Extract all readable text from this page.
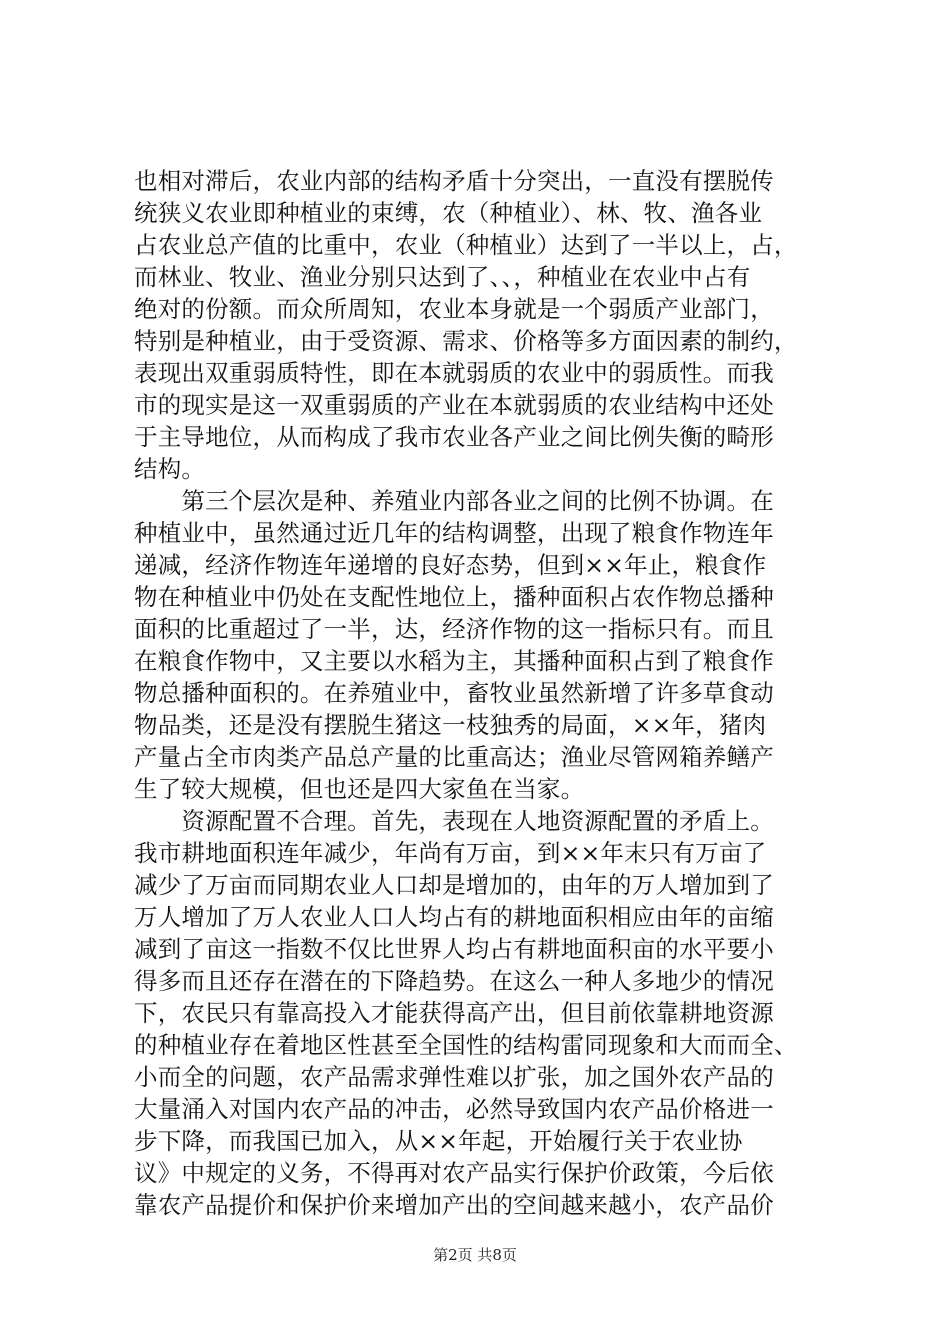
也相对滞后，农业内部的结构矛盾十分突出，一直没有摆脱传
统狭义农业即种植业的束缚，农（种植业）、林、牧、渔各业
占农业总产值的比重中，农业（种植业）达到了一半以上，占，
而林业、牧业、渔业分别只达到了、、，种植业在农业中占有
绝对的份额。而众所周知，农业本身就是一个弱质产业部门，
特别是种植业，由于受资源、需求、价格等多方面因素的制约，
表现出双重弱质特性，即在本就弱质的农业中的弱质性。而我
市的现实是这一双重弱质的产业在本就弱质的农业结构中还处
于主导地位，从而构成了我市农业各产业之间比例失衡的畸形
结构。
　　第三个层次是种、养殖业内部各业之间的比例不协调。在
种植业中，虽然通过近几年的结构调整，出现了粮食作物连年
递减，经济作物连年递增的良好态势，但到××年止，粮食作
物在种植业中仍处在支配性地位上，播种面积占农作物总播种
面积的比重超过了一半，达，经济作物的这一指标只有。而且
在粮食作物中，又主要以水稻为主，其播种面积占到了粮食作
物总播种面积的。在养殖业中，畜牧业虽然新增了许多草食动
物品类，还是没有摆脱生猪这一枝独秀的局面，××年，猪肉
产量占全市肉类产品总产量的比重高达；渔业尽管网箱养鳝产
生了较大规模，但也还是四大家鱼在当家。
　　资源配置不合理。首先，表现在人地资源配置的矛盾上。
我市耕地面积连年减少，年尚有万亩，到××年末只有万亩了
减少了万亩而同期农业人口却是增加的，由年的万人增加到了
万人增加了万人农业人口人均占有的耕地面积相应由年的亩缩
减到了亩这一指数不仅比世界人均占有耕地面积亩的水平要小
得多而且还存在潜在的下降趋势。在这么一种人多地少的情况
下，农民只有靠高投入才能获得高产出，但目前依靠耕地资源
的种植业存在着地区性甚至全国性的结构雷同现象和大而而全、
小而全的问题，农产品需求弹性难以扩张，加之国外农产品的
大量涌入对国内农产品的冲击，必然导致国内农产品价格进一
步下降，而我国已加入，从××年起，开始履行关于农业协
议》中规定的义务，不得再对农产品实行保护价政策，今后依
靠农产品提价和保护价来增加产出的空间越来越小，农产品价
第2页 共8页
